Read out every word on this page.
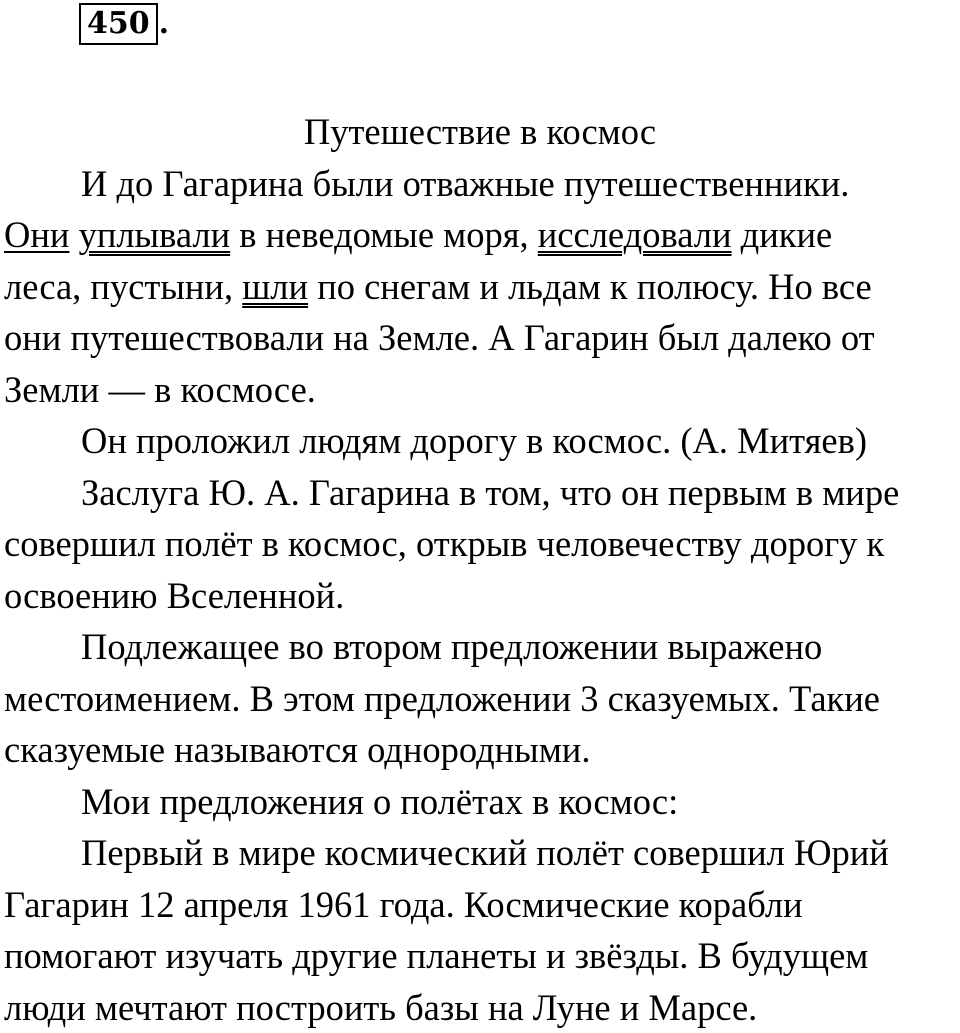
450 .
Путешествие в космос
И до Гагарина были отважные путешественники.
Они уплывали в неведомые моря, исследовали дикие
леса, пустыни, шли по снегам и льдам к полюсу. Но все
они путешествовали на Земле. А Гагарин был далеко от
Земли — в космосе.
Он проложил людям дорогу в космос. (А. Митяев)
Заслуга Ю. А. Гагарина в том, что он первым в мире
совершил полёт в космос, открыв человечеству дорогу к
освоению Вселенной.
Подлежащее во втором предложении выражено
местоимением. В этом предложении 3 сказуемых. Такие
сказуемые называются однородными.
Мои предложения о полётах в космос:
Первый в мире космический полёт совершил Юрий
Гагарин 12 апреля 1961 года. Космические корабли
помогают изучать другие планеты и звёзды. В будущем
люди мечтают построить базы на Луне и Марсе.
